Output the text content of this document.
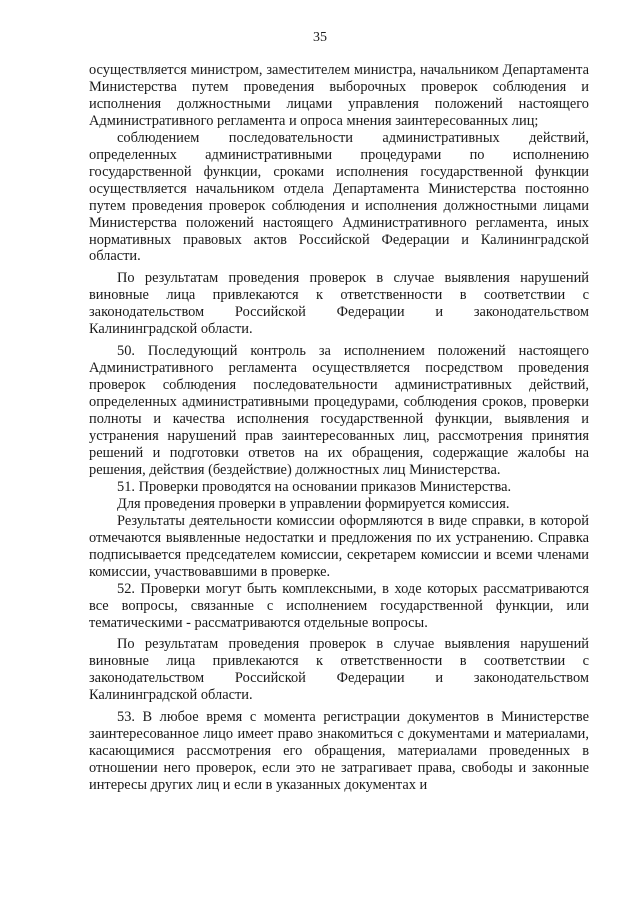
35

осуществляется министром, заместителем министра, начальником Департамента Министерства путем проведения выборочных проверок соблюдения и исполнения должностными лицами управления положений настоящего Административного регламента и опроса мнения заинтересованных лиц;

соблюдением последовательности административных действий, определенных административными процедурами по исполнению государственной функции, сроками исполнения государственной функции осуществляется начальником отдела Департамента Министерства постоянно путем проведения проверок соблюдения и исполнения должностными лицами Министерства положений настоящего Административного регламента, иных нормативных правовых актов Российской Федерации и Калининградской области.

По результатам проведения проверок в случае выявления нарушений виновные лица привлекаются к ответственности в соответствии с законодательством Российской Федерации и законодательством Калининградской области.

50. Последующий контроль за исполнением положений настоящего Административного регламента осуществляется посредством проведения проверок соблюдения последовательности административных действий, определенных административными процедурами, соблюдения сроков, проверки полноты и качества исполнения государственной функции, выявления и устранения нарушений прав заинтересованных лиц, рассмотрения принятия решений и подготовки ответов на их обращения, содержащие жалобы на решения, действия (бездействие) должностных лиц Министерства.

51. Проверки проводятся на основании приказов Министерства.

Для проведения проверки в управлении формируется комиссия.

Результаты деятельности комиссии оформляются в виде справки, в которой отмечаются выявленные недостатки и предложения по их устранению. Справка подписывается председателем комиссии, секретарем комиссии и всеми членами комиссии, участвовавшими в проверке.

52. Проверки могут быть комплексными, в ходе которых рассматриваются все вопросы, связанные с исполнением государственной функции, или тематическими - рассматриваются отдельные вопросы.

По результатам проведения проверок в случае выявления нарушений виновные лица привлекаются к ответственности в соответствии с законодательством Российской Федерации и законодательством Калининградской области.

53. В любое время с момента регистрации документов в Министерстве заинтересованное лицо имеет право знакомиться с документами и материалами, касающимися рассмотрения его обращения, материалами проведенных в отношении него проверок, если это не затрагивает права, свободы и законные интересы других лиц и если в указанных документах и
